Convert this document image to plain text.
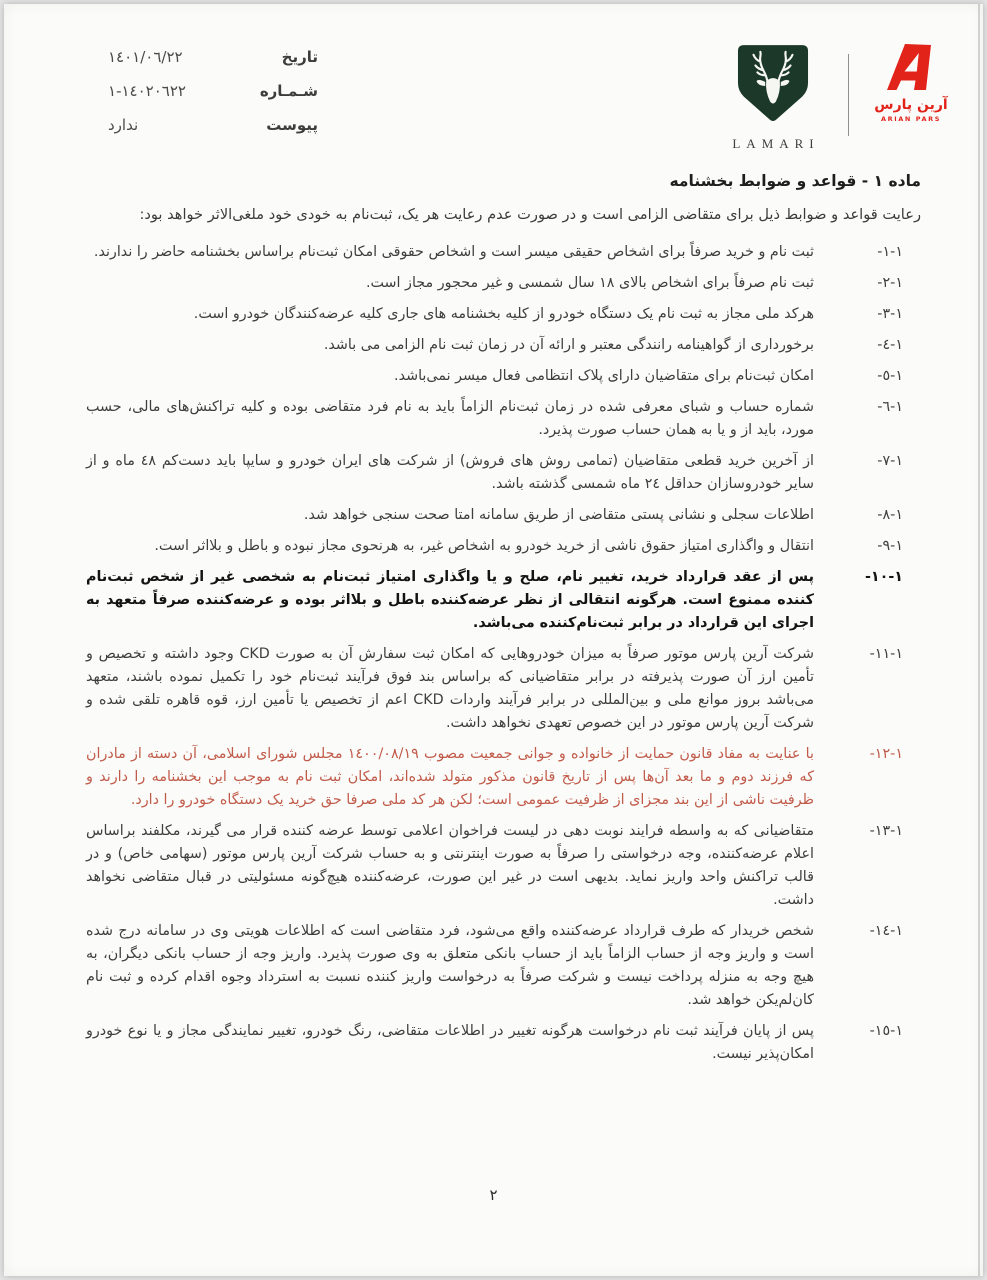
تاریخ
١٤٠١/٠٦/٢٢
شـمـاره
١٤٠٢٠٦٢٢-١
پیوست
ندارد
LAMARI
آرین پارس
ARIAN PARS
ماده ١ - قواعد و ضوابط بخشنامه

رعایت قواعد و ضوابط ذیل برای متقاضی الزامی است و در صورت عدم رعایت هر یک، ثبت‌نام به خودی خود ملغی‌الاثر خواهد بود:

-١-١
ثبت نام و خرید صرفاً برای اشخاص حقیقی میسر است و اشخاص حقوقی امکان ثبت‌نام براساس بخشنامه حاضر را ندارند.
-١-٢
ثبت نام صرفاً برای اشخاص بالای ١٨ سال شمسی و غیر محجور مجاز است.
-١-٣
هرکد ملی مجاز به ثبت نام یک دستگاه خودرو از کلیه بخشنامه های جاری کلیه عرضه‌کنندگان خودرو است.
-١-٤
برخورداری از گواهینامه رانندگی معتبر و ارائه آن در زمان ثبت نام الزامی می باشد.
-١-٥
امکان ثبت‌نام برای متقاضیان دارای پلاک انتظامی فعال میسر نمی‌باشد.
-١-٦
شماره حساب و شبای معرفی شده در زمان ثبت‌نام الزاماً باید به نام فرد متقاضی بوده و کلیه تراکنش‌های مالی، حسب مورد، باید از و یا به همان حساب صورت پذیرد.
-١-٧
از آخرین خرید قطعی متقاضیان (تمامی روش های فروش) از شرکت های ایران خودرو و سایپا باید دست‌کم ٤٨ ماه و از سایر خودروسازان حداقل ٢٤ ماه شمسی گذشته باشد.
-١-٨
اطلاعات سجلی و نشانی پستی متقاضی از طریق سامانه امتا صحت سنجی خواهد شد.
-١-٩
انتقال و واگذاری امتیاز حقوق ناشی از خرید خودرو به اشخاص غیر، به هرنحوی مجاز نبوده و باطل و بلااثر است.
-١-١٠
پس از عقد قرارداد خرید، تغییر نام، صلح و یا واگذاری امتیاز ثبت‌نام به شخصی غیر از شخص ثبت‌نام کننده ممنوع است. هرگونه انتقالی از نظر عرضه‌کننده باطل و بلااثر بوده و عرضه‌کننده صرفاً متعهد به اجرای این قرارداد در برابر ثبت‌نام‌کننده می‌باشد.
-١-١١
شرکت آرین پارس موتور صرفاً به میزان خودروهایی که امکان ثبت سفارش آن به صورت CKD وجود داشته و تخصیص و تأمین ارز آن صورت پذیرفته در برابر متقاضیانی که براساس بند فوق فرآیند ثبت‌نام خود را تکمیل نموده باشند، متعهد می‌باشد بروز موانع ملی و بین‌المللی در برابر فرآیند واردات CKD اعم از تخصیص یا تأمین ارز، قوه قاهره تلقی شده و شرکت آرین پارس موتور در این خصوص تعهدی نخواهد داشت.
-١-١٢
با عنایت به مفاد قانون حمایت از خانواده و جوانی جمعیت مصوب ١٤٠٠/٠٨/١٩ مجلس شورای اسلامی، آن دسته از مادران که فرزند دوم و ما بعد آن‌ها پس از تاریخ قانون مذکور متولد شده‌اند، امکان ثبت نام به موجب این بخشنامه را دارند و ظرفیت ناشی از این بند مجزای از ظرفیت عمومی است؛ لکن هر کد ملی صرفا حق خرید یک دستگاه خودرو را دارد.
-١-١٣
متقاضیانی که به واسطه فرایند نوبت دهی در لیست فراخوان اعلامی توسط عرضه کننده قرار می گیرند، مکلفند براساس اعلام عرضه‌کننده، وجه درخواستی را صرفاً به صورت اینترنتی و به حساب شرکت آرین پارس موتور (سهامی خاص) و در قالب تراکنش واحد واریز نماید. بدیهی است در غیر این صورت، عرضه‌کننده هیچ‌گونه مسئولیتی در قبال متقاضی نخواهد داشت.
-١-١٤
شخص خریدار که طرف قرارداد عرضه‌کننده واقع می‌شود، فرد متقاضی است که اطلاعات هویتی وی در سامانه درج شده است و واریز وجه از حساب الزاماً باید از حساب بانکی متعلق به وی صورت پذیرد. واریز وجه از حساب بانکی دیگران، به هیچ وجه به منزله پرداخت نیست و شرکت صرفاً به درخواست واریز کننده نسبت به استرداد وجوه اقدام کرده و ثبت نام کان‌لم‌یکن خواهد شد.
-١-١٥
پس از پایان فرآیند ثبت نام درخواست هرگونه تغییر در اطلاعات متقاضی، رنگ خودرو، تغییر نمایندگی مجاز و یا نوع خودرو امکان‌پذیر نیست.
٢
